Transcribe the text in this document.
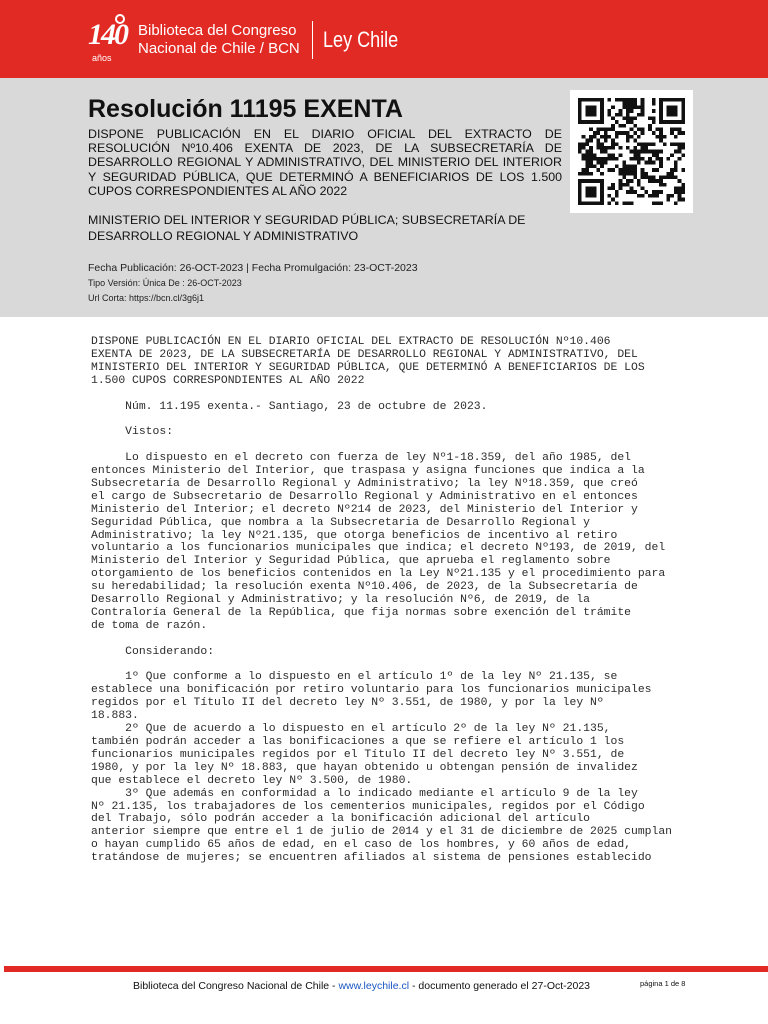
140
años
Biblioteca del Congreso
Nacional de Chile / BCN Ley Chile
Resolución 11195 EXENTA

DISPONE PUBLICACIÓN EN EL DIARIO OFICIAL DEL EXTRACTO DE RESOLUCIÓN Nº10.406 EXENTA DE 2023, DE LA SUBSECRETARÍA DE DESARROLLO REGIONAL Y ADMINISTRATIVO, DEL MINISTERIO DEL INTERIOR Y SEGURIDAD PÚBLICA, QUE DETERMINÓ A BENEFICIARIOS DE LOS 1.500 CUPOS CORRESPONDIENTES AL AÑO 2022

MINISTERIO DEL INTERIOR Y SEGURIDAD PÚBLICA; SUBSECRETARÍA DE DESARROLLO REGIONAL Y ADMINISTRATIVO

Fecha Publicación: 26-OCT-2023 | Fecha Promulgación: 23-OCT-2023
Tipo Versión: Única De : 26-OCT-2023
Url Corta: https://bcn.cl/3g6j1

DISPONE PUBLICACIÓN EN EL DIARIO OFICIAL DEL EXTRACTO DE RESOLUCIÓN Nº10.406

EXENTA DE 2023, DE LA SUBSECRETARÍA DE DESARROLLO REGIONAL Y ADMINISTRATIVO, DEL

MINISTERIO DEL INTERIOR Y SEGURIDAD PÚBLICA, QUE DETERMINÓ A BENEFICIARIOS DE LOS

1.500 CUPOS CORRESPONDIENTES AL AÑO 2022

Núm. 11.195 exenta.- Santiago, 23 de octubre de 2023.

Vistos:

Lo dispuesto en el decreto con fuerza de ley Nº1-18.359, del año 1985, del

entonces Ministerio del Interior, que traspasa y asigna funciones que indica a la

Subsecretaría de Desarrollo Regional y Administrativo; la ley Nº18.359, que creó

el cargo de Subsecretario de Desarrollo Regional y Administrativo en el entonces

Ministerio del Interior; el decreto Nº214 de 2023, del Ministerio del Interior y

Seguridad Pública, que nombra a la Subsecretaria de Desarrollo Regional y

Administrativo; la ley Nº21.135, que otorga beneficios de incentivo al retiro

voluntario a los funcionarios municipales que indica; el decreto Nº193, de 2019, del

Ministerio del Interior y Seguridad Pública, que aprueba el reglamento sobre

otorgamiento de los beneficios contenidos en la Ley Nº21.135 y el procedimiento para

su heredabilidad; la resolución exenta Nº10.406, de 2023, de la Subsecretaría de

Desarrollo Regional y Administrativo; y la resolución Nº6, de 2019, de la

Contraloría General de la República, que fija normas sobre exención del trámite

de toma de razón.

Considerando:

1º Que conforme a lo dispuesto en el artículo 1º de la ley Nº 21.135, se

establece una bonificación por retiro voluntario para los funcionarios municipales

regidos por el Título II del decreto ley Nº 3.551, de 1980, y por la ley Nº

18.883.

2º Que de acuerdo a lo dispuesto en el artículo 2º de la ley Nº 21.135,

también podrán acceder a las bonificaciones a que se refiere el artículo 1 los

funcionarios municipales regidos por el Título II del decreto ley Nº 3.551, de

1980, y por la ley Nº 18.883, que hayan obtenido u obtengan pensión de invalidez

que establece el decreto ley Nº 3.500, de 1980.

3º Que además en conformidad a lo indicado mediante el artículo 9 de la ley

Nº 21.135, los trabajadores de los cementerios municipales, regidos por el Código

del Trabajo, sólo podrán acceder a la bonificación adicional del artículo

anterior siempre que entre el 1 de julio de 2014 y el 31 de diciembre de 2025 cumplan

o hayan cumplido 65 años de edad, en el caso de los hombres, y 60 años de edad,

tratándose de mujeres; se encuentren afiliados al sistema de pensiones establecido

Biblioteca del Congreso Nacional de Chile - www.leychile.cl - documento generado el 27-Oct-2023	página 1 de 8
